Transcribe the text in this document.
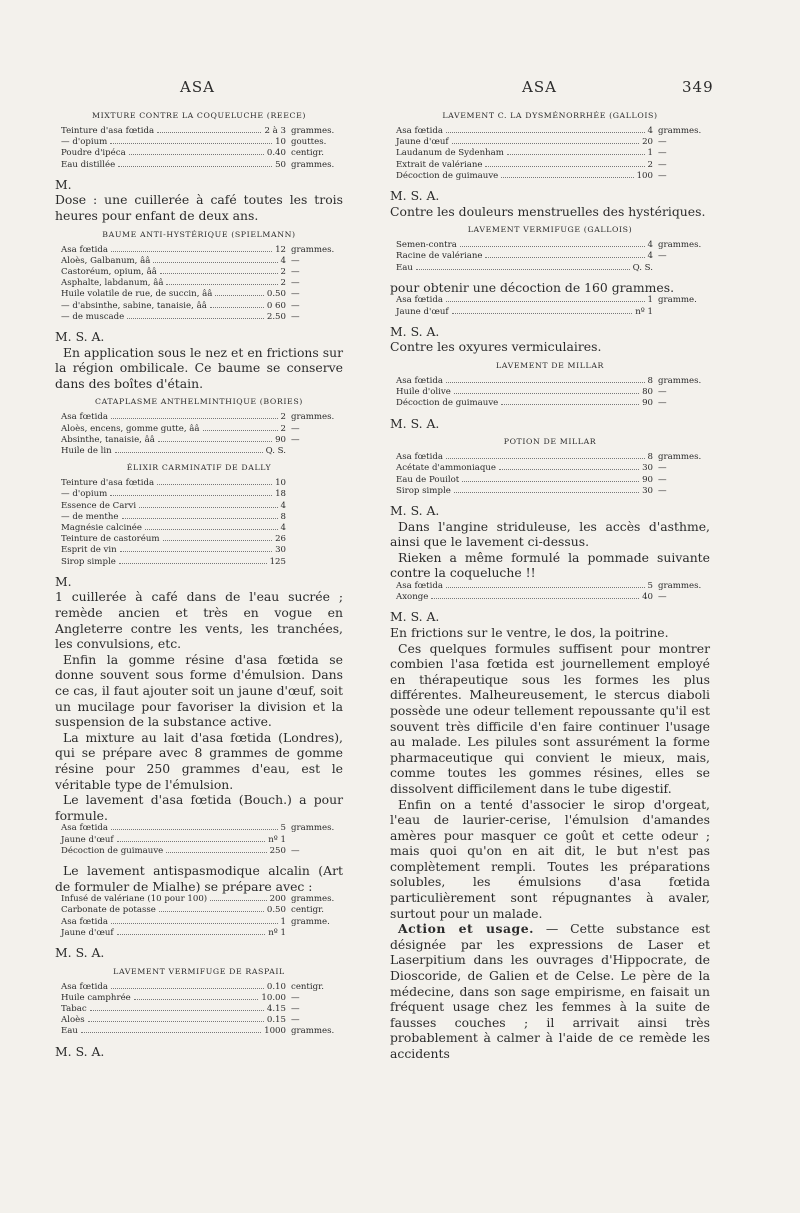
ASA	ASA	349
MIXTURE CONTRE LA COQUELUCHE (REECE)
Teinture d'asa fœtida	2 à 3 grammes.
— d'opium	10 gouttes.
Poudre d'ipéca	0.40 centigr.
Eau distillée	50 grammes.
M.

Dose : une cuillerée à café toutes les trois heures pour enfant de deux ans.

BAUME ANTI-HYSTÉRIQUE (SPIELMANN)
Asa fœtida	12 grammes.
Aloès, Galbanum, ââ	4 —
Castoréum, opium, ââ	2 —
Asphalte, labdanum, ââ	2 —
Huile volatile de rue, de succin, ââ	0.50 —
— d'absinthe, sabine, tanaisie, ââ	0 60 —
— de muscade	2.50 —
M. S. A.

En application sous le nez et en frictions sur la région ombilicale. Ce baume se conserve dans des boîtes d'étain.

CATAPLASME ANTHELMINTHIQUE (BORIES)
Asa fœtida	2 grammes.
Aloès, encens, gomme gutte, ââ	2 —
Absinthe, tanaisie, ââ	90 —
Huile de lin	Q. S.
ÉLIXIR CARMINATIF DE DALLY
Teinture d'asa fœtida	10
— d'opium	18
Essence de Carvi	4
— de menthe	8
Magnésie calcinée	4
Teinture de castoréum	26
Esprit de vin	30
Sirop simple	125
M.

1 cuillerée à café dans de l'eau sucrée ; remède ancien et très en vogue en Angleterre contre les vents, les tranchées, les convulsions, etc.

Enfin la gomme résine d'asa fœtida se donne souvent sous forme d'émulsion. Dans ce cas, il faut ajouter soit un jaune d'œuf, soit un mucilage pour favoriser la division et la suspension de la substance active.

La mixture au lait d'asa fœtida (Londres), qui se prépare avec 8 grammes de gomme résine pour 250 grammes d'eau, est le véritable type de l'émulsion.

Le lavement d'asa fœtida (Bouch.) a pour formule.

Asa fœtida	5 grammes.
Jaune d'œuf	nº 1
Décoction de guimauve	250 —

Le lavement antispasmodique alcalin (Art de formuler de Mialhe) se prépare avec :

Infusé de valériane (10 pour 100)	200 grammes.
Carbonate de potasse	0.50 centigr.
Asa fœtida	1 gramme.
Jaune d'œuf	nº 1
M. S. A.
LAVEMENT VERMIFUGE DE RASPAIL
Asa fœtida	0.10 centigr.
Huile camphrée	10.00 —
Tabac	4.15 —
Aloès	0.15 —
Eau	1000 grammes.
M. S. A.
LAVEMENT C. LA DYSMÉNORRHÉE (GALLOIS)
Asa fœtida	4 grammes.
Jaune d'œuf	20 —
Laudanum de Sydenham	1 —
Extrait de valériane	2 —
Décoction de guimauve	100 —
M. S. A.

Contre les douleurs menstruelles des hystériques.

LAVEMENT VERMIFUGE (GALLOIS)
Semen-contra	4 grammes.
Racine de valériane	4 —
Eau	Q. S.

pour obtenir une décoction de 160 grammes.

Asa fœtida	1 gramme.
Jaune d'œuf	nº 1
M. S. A.

Contre les oxyures vermiculaires.

LAVEMENT DE MILLAR
Asa fœtida	8 grammes.
Huile d'olive	80 —
Décoction de guimauve	90 —
M. S. A.
POTION DE MILLAR
Asa fœtida	8 grammes.
Acétate d'ammoniaque	30 —
Eau de Pouilot	90 —
Sirop simple	30 —
M. S. A.

Dans l'angine striduleuse, les accès d'asthme, ainsi que le lavement ci-dessus.

Rieken a même formulé la pommade suivante contre la coqueluche !!

Asa fœtida	5 grammes.
Axonge	40 —
M. S. A.

En frictions sur le ventre, le dos, la poitrine.

Ces quelques formules suffisent pour montrer combien l'asa fœtida est journellement employé en thérapeutique sous les formes les plus différentes. Malheureusement, le stercus diaboli possède une odeur tellement repoussante qu'il est souvent très difficile d'en faire continuer l'usage au malade. Les pilules sont assurément la forme pharmaceutique qui convient le mieux, mais, comme toutes les gommes résines, elles se dissolvent difficilement dans le tube digestif.

Enfin on a tenté d'associer le sirop d'orgeat, l'eau de laurier-cerise, l'émulsion d'amandes amères pour masquer ce goût et cette odeur ; mais quoi qu'on en ait dit, le but n'est pas complètement rempli. Toutes les préparations solubles, les émulsions d'asa fœtida particulièrement sont répugnantes à avaler, surtout pour un malade.

Action et usage. — Cette substance est désignée par les expressions de Laser et Laserpitium dans les ouvrages d'Hippocrate, de Dioscoride, de Galien et de Celse. Le père de la médecine, dans son sage empirisme, en faisait un fréquent usage chez les femmes à la suite de fausses couches ; il arrivait ainsi très probablement à calmer à l'aide de ce remède les accidents
